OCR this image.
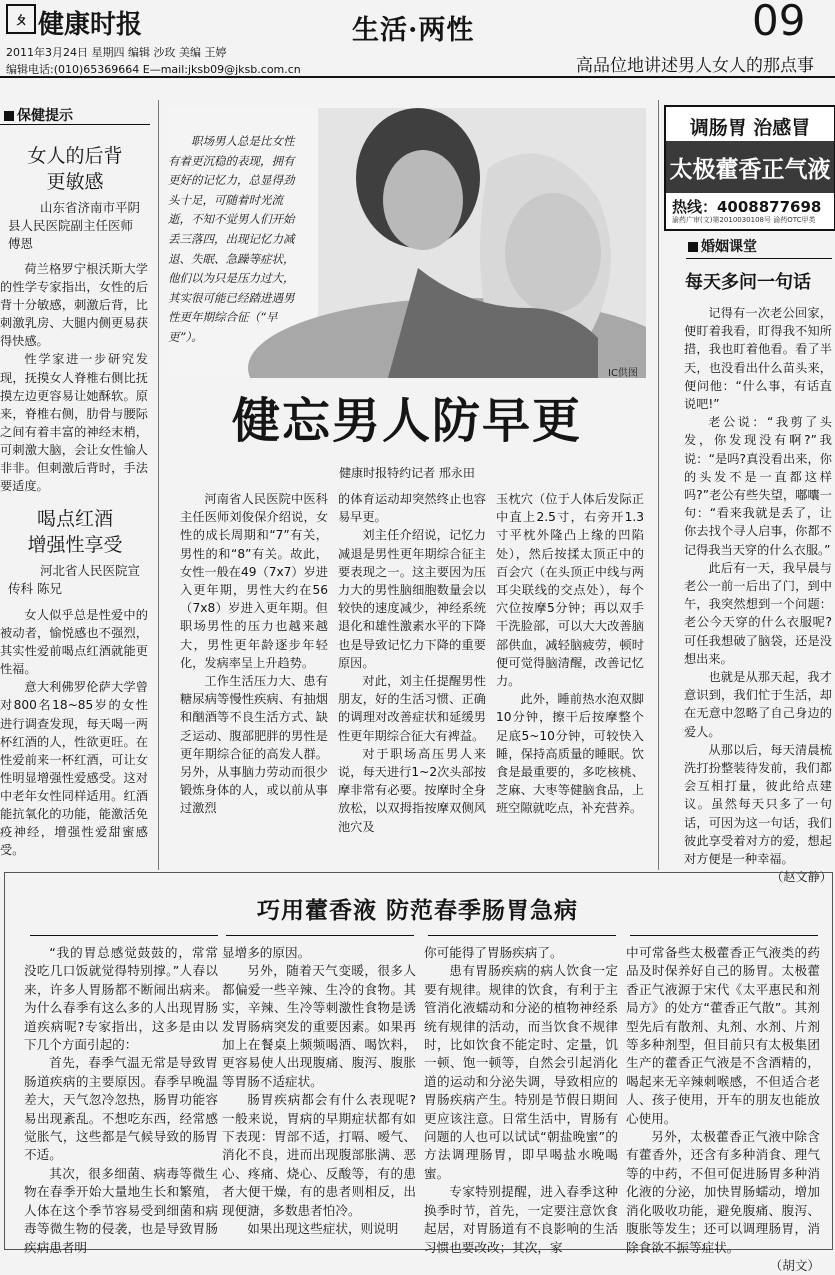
ㄆ 健康时报	生活·两性	09
2011年3月24日 星期四 编辑 沙玫 美编 王婷
编辑电话:(010)65369664 E—mail:jksb09@jksb.com.cn	高品位地讲述男人女人的那点事
保健提示
女人的后背
更敏感
山东省济南市平阴县人民医院副主任医师 傅恩

荷兰格罗宁根沃斯大学的性学专家指出，女性的后背十分敏感，刺激后背，比刺激乳房、大腿内侧更易获得快感。

性学家进一步研究发现，抚摸女人脊椎右侧比抚摸左边更容易让她酥软。原来，脊椎右侧，肋骨与腰际之间有着丰富的神经末梢，可刺激大脑，会让女性愉人非非。但刺激后背时，手法要适度。

喝点红酒
增强性享受
河北省人民医院宣传科 陈兄

女人似乎总是性爱中的被动者，愉悦感也不强烈，其实性爱前喝点红酒就能更性福。

意大利佛罗伦萨大学曾对800名18~85岁的女性进行调查发现，每天喝一两杯红酒的人，性欲更旺。在性爱前来一杯红酒，可让女性明显增强性爱感受。这对中老年女性同样适用。红酒能抗氧化的功能，能激活免疫神经，增强性爱甜蜜感受。

职场男人总是比女性有着更沉稳的表现，拥有更好的记忆力，总显得劲头十足，可随着时光流逝，不知不觉男人们开始丢三落四，出现记忆力减退、失眠、急躁等症状，他们以为只是压力过大，其实很可能已经踏进遇男性更年期综合征（“早更”）。
IC供图
健忘男人防早更
健康时报特约记者 邢永田

河南省人民医院中医科主任医师刘俊保介绍说，女性的成长周期和“7”有关，男性的和“8”有关。故此，女性一般在49（7x7）岁进入更年期，男性大约在56（7x8）岁进入更年期。但职场男性的压力也越来越大，男性更年龄逐步年轻化，发病率呈上升趋势。

工作生活压力大、患有糖尿病等慢性疾病、有抽烟和酗酒等不良生活方式、缺乏运动、腹部肥胖的男性是更年期综合征的高发人群。另外，从事脑力劳动而很少锻炼身体的人，或以前从事过激烈

的体育运动却突然终止也容易早更。

刘主任介绍说，记忆力减退是男性更年期综合征主要表现之一。这主要因为压力大的男性脑细胞数量会以较快的速度减少，神经系统退化和雄性激素水平的下降也是导致记忆力下降的重要原因。

对此，刘主任提醒男性朋友，好的生活习惯、正确的调理对改善症状和延缓男性更年期综合征大有裨益。

对于职场高压男人来说，每天进行1~2次头部按摩非常有必要。按摩时全身放松，以双拇指按摩双侧风池穴及

玉枕穴（位于人体后发际正中直上2.5寸，右旁开1.3寸平枕外隆凸上缘的凹陷处），然后按揉太顶正中的百会穴（在头顶正中线与两耳尖联线的交点处），每个穴位按摩5分钟；再以双手干洗脸部，可以大大改善脑部供血，减轻脑疲劳，顿时便可觉得脑清醒，改善记忆力。

此外，睡前热水泡双脚10分钟，擦干后按摩整个足底5~10分钟，可较快入睡，保持高质量的睡眠。饮食是最重要的，多吃核桃、芝麻、大枣等健脑食品，上班空隙就吃点，补充营养。

调肠胃 治感冒
太极藿香正气液
热线：4008877698
渝药广审(文)第2010030108号 渝药OTC甲类
婚姻课堂
每天多问一句话

记得有一次老公回家，便盯着我看，盯得我不知所措，我也盯着他看。看了半天，也没看出什么苗头来，便问他：“什么事，有话直说吧!”

老公说：“我剪了头发，你发现没有啊?”我说：“是吗?真没看出来，你的头发不是一直都这样吗?”老公有些失望，嘟囔一句：“看来我就是丢了，让你去找个寻人启事，你都不记得我当天穿的什么衣服。”

此后有一天，我早晨与老公一前一后出了门，到中午，我突然想到一个问题：老公今天穿的什么衣服呢?可任我想破了脑袋，还是没想出来。

也就是从那天起，我才意识到，我们忙于生活，却在无意中忽略了自己身边的爱人。

从那以后，每天清晨梳洗打扮整装待发前，我们都会互相打量，彼此给点建议。虽然每天只多了一句话，可因为这一句话，我们彼此享受着对方的爱，想起对方便是一种幸福。
（赵文静）

巧用藿香液 防范春季肠胃急病

“我的胃总感觉鼓鼓的，常常没吃几口饭就觉得特别撑。”人春以来，许多人胃肠都不断闹出病来。为什么春季有这么多的人出现胃肠道疾病呢?专家指出，这多是由以下几个方面引起的：

首先，春季气温无常是导致胃肠道疾病的主要原因。春季早晚温差大，天气忽冷忽热，肠胃功能容易出现紊乱。不想吃东西，经常感觉胀气，这些都是气候导致的肠胃不适。

其次，很多细菌、病毒等微生物在春季开始大量地生长和繁殖，人体在这个季节容易受到细菌和病毒等微生物的侵袭，也是导致胃肠疾病患者明

显增多的原因。

另外，随着天气变暖，很多人都偏爱一些辛辣、生冷的食物。其实，辛辣、生冷等刺激性食物是诱发胃肠病突发的重要因素。如果再加上在餐桌上频频喝酒、喝饮料，更容易使人出现腹痛、腹泻、腹胀等胃肠不适症状。

肠胃疾病都会有什么表现呢?一般来说，胃病的早期症状都有如下表现：胃部不适，打嗝、嗳气、消化不良，进而出现腹部胀满、恶心、疼痛、烧心、反酸等，有的患者大便干燥，有的患者则相反，出现便溏，多数患者怕冷。

如果出现这些症状，则说明

你可能得了胃肠疾病了。

患有胃肠疾病的病人饮食一定要有规律。规律的饮食，有利于主管消化液蠕动和分泌的植物神经系统有规律的活动，而当饮食不规律时，比如饮食不能定时、定量，饥一顿、饱一顿等，自然会引起消化道的运动和分泌失调，导致相应的胃肠疾病产生。特别是节假日期间更应该注意。日常生活中，胃肠有问题的人也可以试试“朝盐晚蜜”的方法调理肠胃，即早喝盐水晚喝蜜。

专家特别提醒，进入春季这种换季时节，首先，一定要注意饮食起居，对胃肠道有不良影响的生活习惯也要改改；其次，家

中可常备些太极藿香正气液类的药品及时保养好自己的肠胃。太极藿香正气液源于宋代《太平惠民和剂局方》的处方“藿香正气散”。其剂型先后有散剂、丸剂、水剂、片剂等多种剂型，但目前只有太极集团生产的藿香正气液是不含酒精的，喝起来无辛辣刺喉感，不但适合老人、孩子使用，开车的朋友也能放心使用。

另外，太极藿香正气液中除含有藿香外，还含有多种消食、理气等的中药，不但可促进肠胃多种消化液的分泌，加快胃肠蠕动，增加消化吸收功能，避免腹痛、腹泻、腹胀等发生；还可以调理肠胃，消除食欲不振等症状。

（胡文）
